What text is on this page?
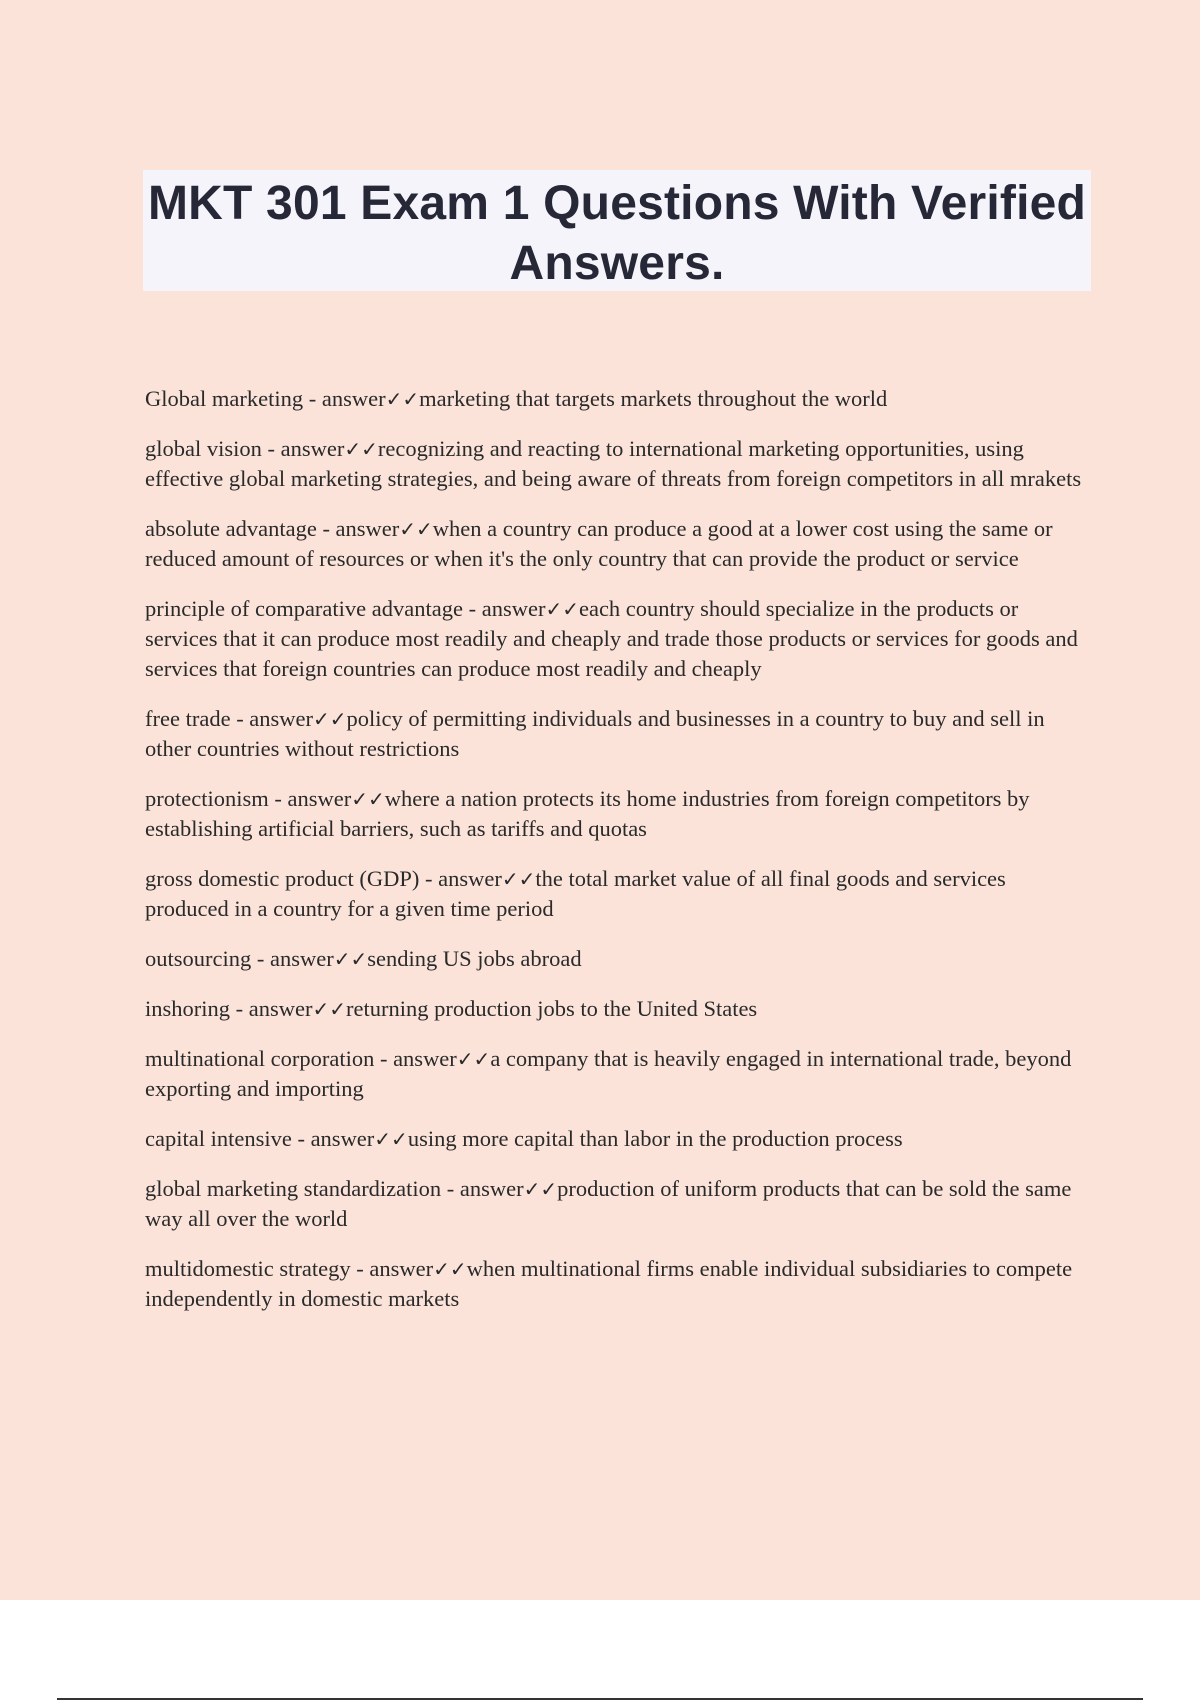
MKT 301 Exam 1 Questions With Verified Answers.

Global marketing - answer✓✓marketing that targets markets throughout the world

global vision - answer✓✓recognizing and reacting to international marketing opportunities, using effective global marketing strategies, and being aware of threats from foreign competitors in all mrakets

absolute advantage - answer✓✓when a country can produce a good at a lower cost using the same or reduced amount of resources or when it's the only country that can provide the product or service

principle of comparative advantage - answer✓✓each country should specialize in the products or services that it can produce most readily and cheaply and trade those products or services for goods and services that foreign countries can produce most readily and cheaply

free trade - answer✓✓policy of permitting individuals and businesses in a country to buy and sell in other countries without restrictions

protectionism - answer✓✓where a nation protects its home industries from foreign competitors by establishing artificial barriers, such as tariffs and quotas

gross domestic product (GDP) - answer✓✓the total market value of all final goods and services produced in a country for a given time period

outsourcing - answer✓✓sending US jobs abroad

inshoring - answer✓✓returning production jobs to the United States

multinational corporation - answer✓✓a company that is heavily engaged in international trade, beyond exporting and importing

capital intensive - answer✓✓using more capital than labor in the production process

global marketing standardization - answer✓✓production of uniform products that can be sold the same way all over the world

multidomestic strategy - answer✓✓when multinational firms enable individual subsidiaries to compete independently in domestic markets
